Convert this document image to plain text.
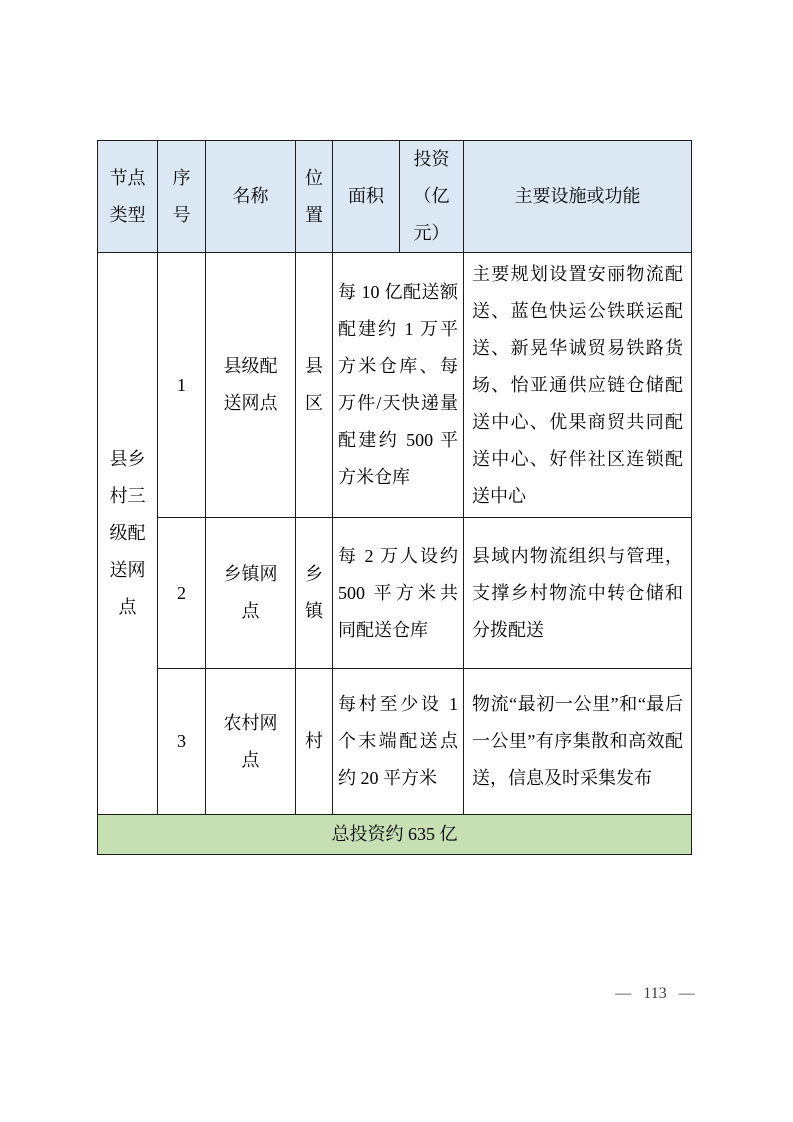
节点类型	序号	名称	位置	面积	投资（亿元）	主要设施或功能
县乡村三级配送网点	1	县级配送网点	县区	每 10 亿配送额配建约 1 万平方米仓库、每万件/天快递量配建约 500 平方米仓库		主要规划设置安丽物流配送、蓝色快运公铁联运配送、新晃华诚贸易铁路货场、怡亚通供应链仓储配送中心、优果商贸共同配送中心、好伴社区连锁配送中心
	2	乡镇网点	乡镇	每 2 万人设约 500 平方米共同配送仓库		县域内物流组织与管理，支撑乡村物流中转仓储和分拨配送
	3	农村网点	村	每村至少设 1 个末端配送点约 20 平方米		物流“最初一公里”和“最后一公里”有序集散和高效配送，信息及时采集发布
总投资约 635 亿						
— 113 —
